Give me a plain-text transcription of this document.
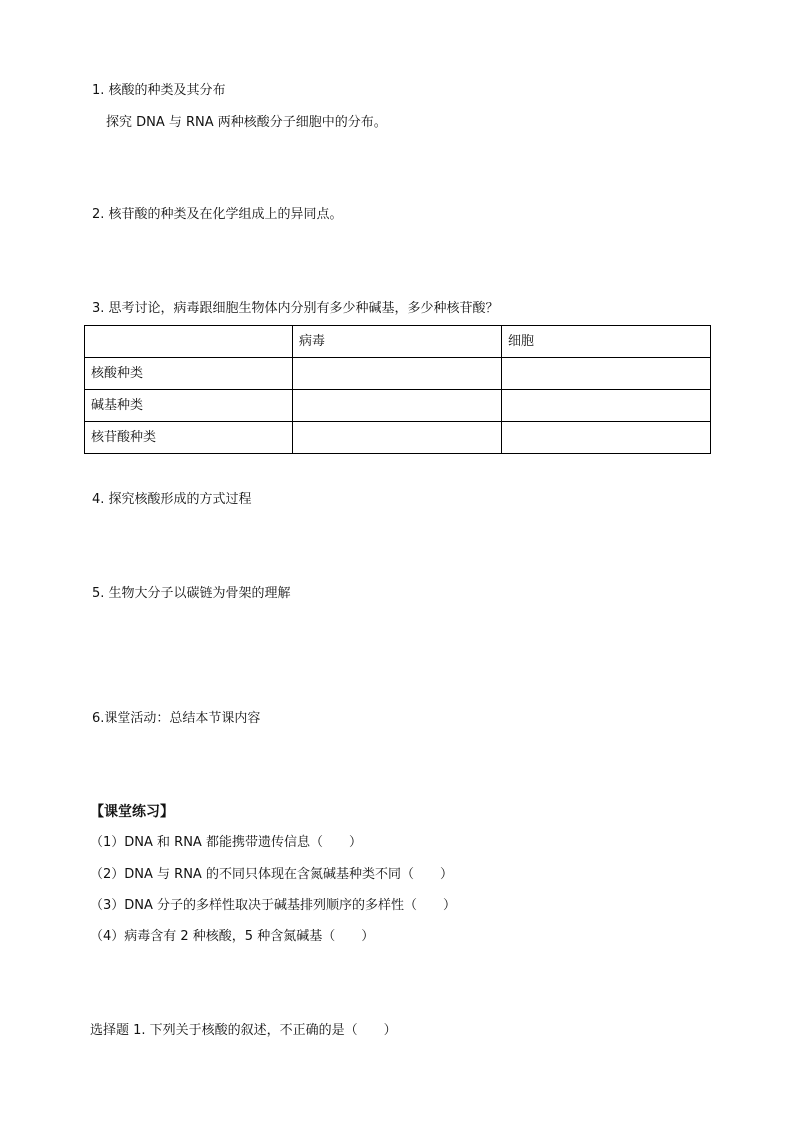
1. 核酸的种类及其分布
探究 DNA 与 RNA 两种核酸分子细胞中的分布。
2. 核苷酸的种类及在化学组成上的异同点。
3. 思考讨论，病毒跟细胞生物体内分别有多少种碱基，多少种核苷酸？
	病毒	细胞
核酸种类		
碱基种类		
核苷酸种类		
4. 探究核酸形成的方式过程
5. 生物大分子以碳链为骨架的理解
6.课堂活动：总结本节课内容
【课堂练习】
（1）DNA 和 RNA 都能携带遗传信息（　　）
（2）DNA 与 RNA 的不同只体现在含氮碱基种类不同（　　）
（3）DNA 分子的多样性取决于碱基排列顺序的多样性（　　）
（4）病毒含有 2 种核酸，5 种含氮碱基（　　）
选择题 1. 下列关于核酸的叙述，不正确的是（　　）
